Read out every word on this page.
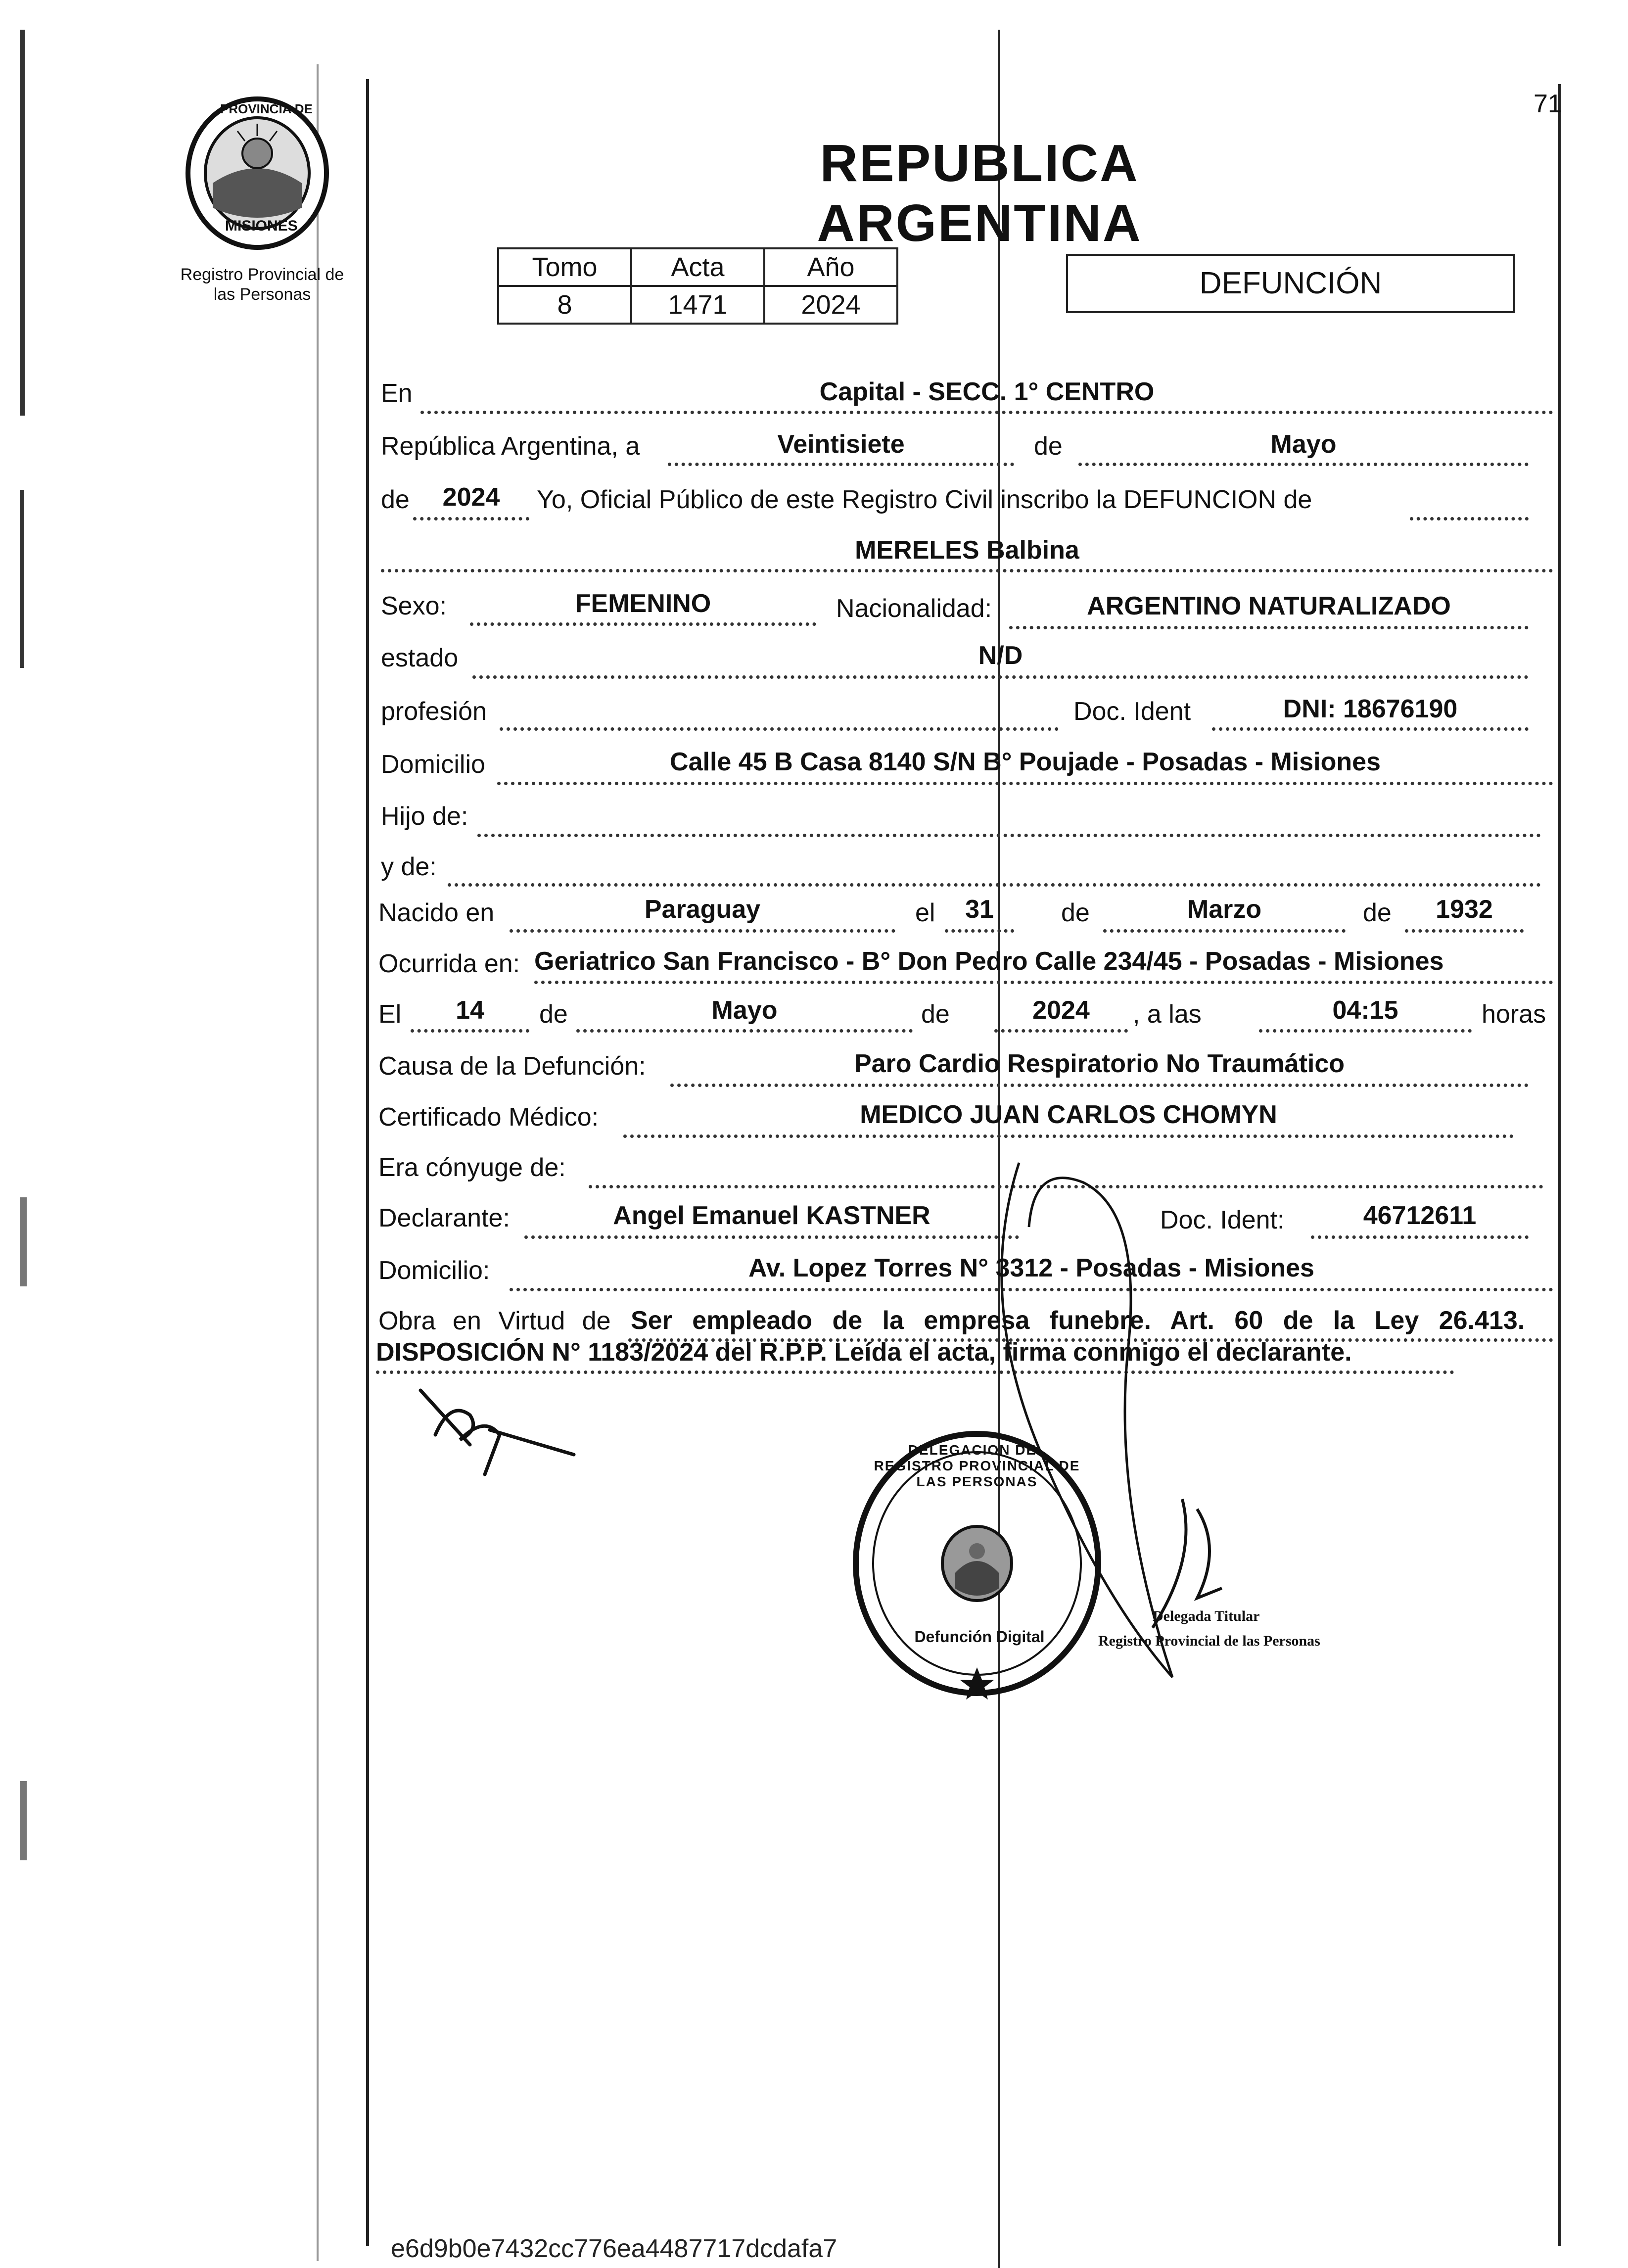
71
PROVINCIA DE
MISIONES
Registro Provincial de
las Personas
REPUBLICA ARGENTINA
Tomo	Acta	Año
8	1471	2024
DEFUNCIÓN
En	Capital - SECC. 1° CENTRO
República Argentina, a	Veintisiete	de	Mayo
de	2024	Yo, Oficial Público de este Registro Civil inscribo la DEFUNCION de
MERELES Balbina
Sexo:	FEMENINO	Nacionalidad:	ARGENTINO NATURALIZADO
estado	N/D
profesión	Doc. Ident	DNI: 18676190
Domicilio	Calle 45 B Casa 8140 S/N B° Poujade - Posadas - Misiones
Hijo de:
y de:
Nacido en	Paraguay	el	31	de	Marzo	de	1932
Ocurrida en: Geriatrico San Francisco - B° Don Pedro Calle 234/45 - Posadas - Misiones
El	14	de	Mayo	de	2024	, a las	04:15	horas
Causa de la Defunción:	Paro Cardio Respiratorio No Traumático
Certificado Médico:	MEDICO JUAN CARLOS CHOMYN
Era cónyuge de:
Declarante:	Angel Emanuel KASTNER	Doc. Ident:	46712611
Domicilio:	Av. Lopez Torres N° 3312 - Posadas - Misiones
Obra en Virtud de Ser empleado de la empresa funebre. Art. 60 de la Ley 26.413.
DISPOSICIÓN N° 1183/2024 del R.P.P. Leída el acta, firma conmigo el declarante.
DELEGACION DEL REGISTRO PROVINCIAL DE LAS PERSONAS
Defunción Digital
Delegada Titular
Registro Provincial de las Personas
e6d9b0e7432cc776ea4487717dcdafa7
